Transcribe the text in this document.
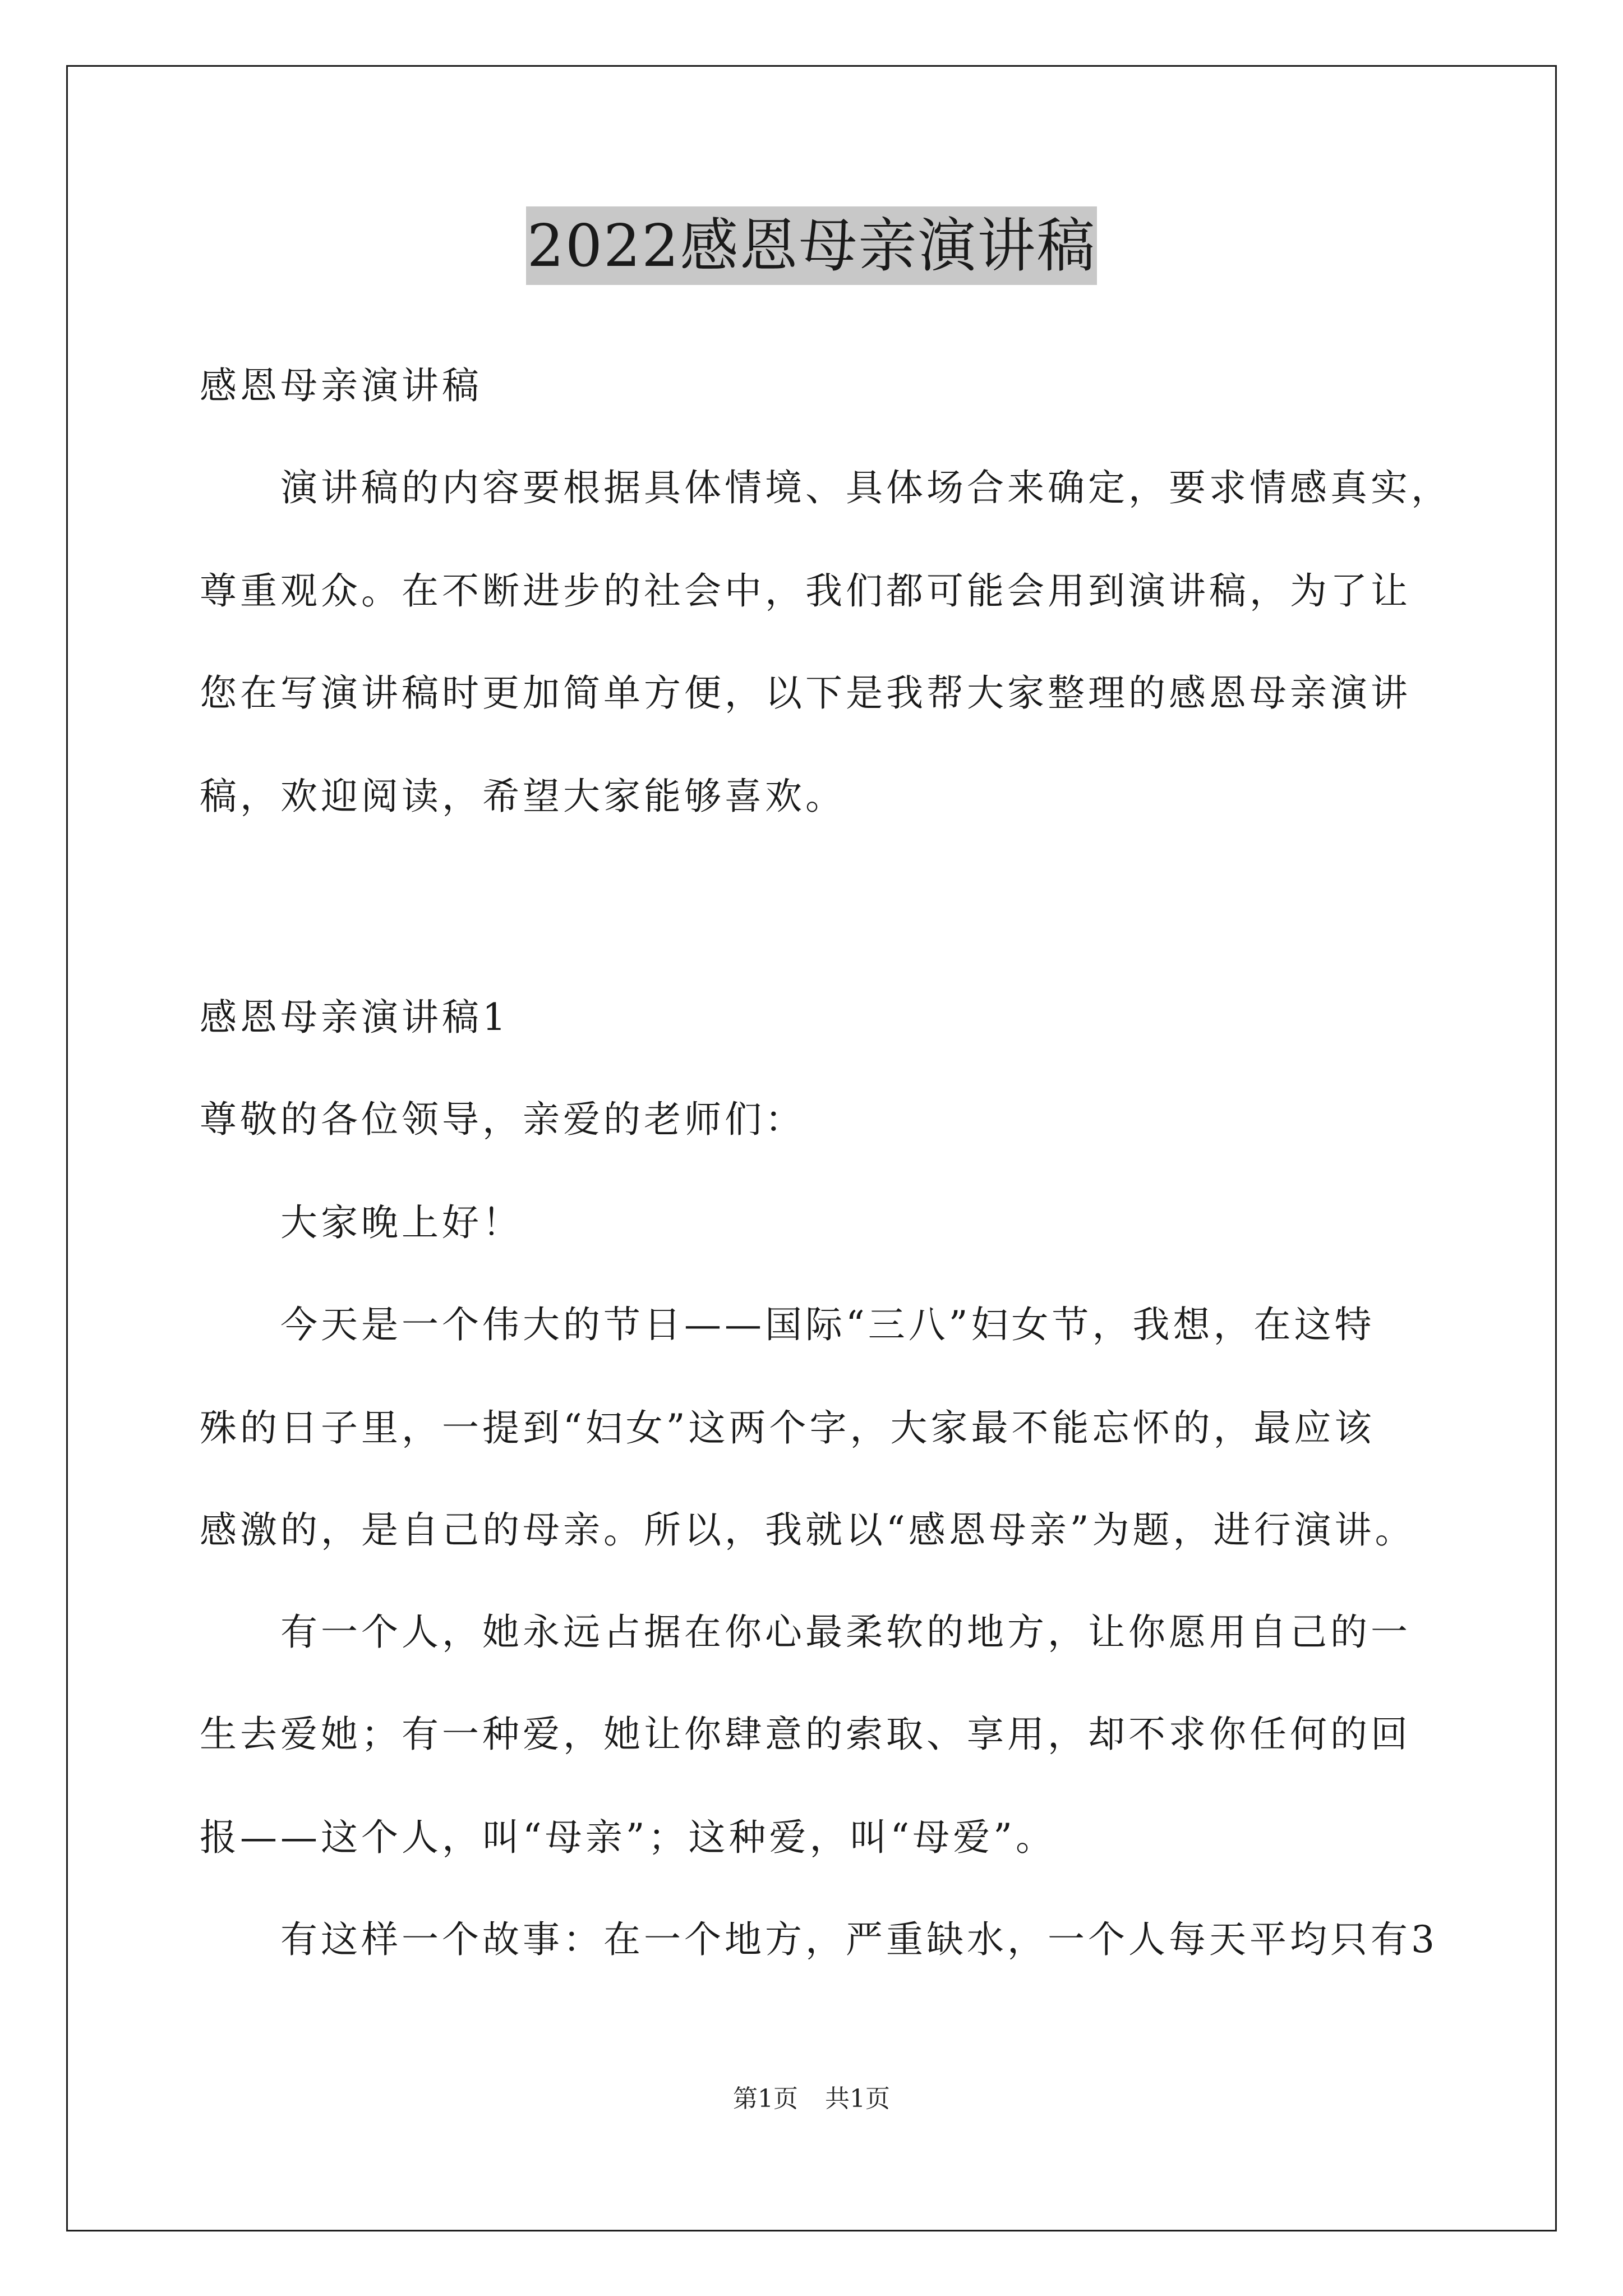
2022感恩母亲演讲稿
感恩母亲演讲稿
演讲稿的内容要根据具体情境、具体场合来确定，要求情感真实，
尊重观众。在不断进步的社会中，我们都可能会用到演讲稿，为了让
您在写演讲稿时更加简单方便，以下是我帮大家整理的感恩母亲演讲
稿，欢迎阅读，希望大家能够喜欢。
感恩母亲演讲稿1
尊敬的各位领导，亲爱的老师们：
大家晚上好！
今天是一个伟大的节日——国际“三八”妇女节，我想，在这特
殊的日子里，一提到“妇女”这两个字，大家最不能忘怀的，最应该
感激的，是自己的母亲。所以，我就以“感恩母亲”为题，进行演讲。
有一个人，她永远占据在你心最柔软的地方，让你愿用自己的一
生去爱她；有一种爱，她让你肆意的索取、享用，却不求你任何的回
报——这个人，叫“母亲”；这种爱，叫“母爱”。
有这样一个故事：在一个地方，严重缺水，一个人每天平均只有3
第1页 共1页
